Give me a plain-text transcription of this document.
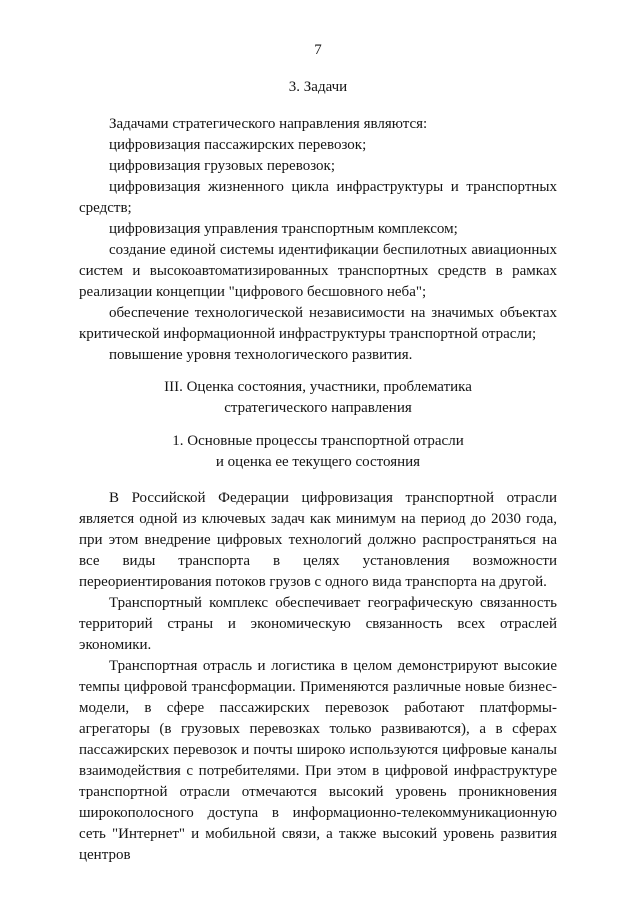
7
3. Задачи

Задачами стратегического направления являются:

цифровизация пассажирских перевозок;

цифровизация грузовых перевозок;

цифровизация жизненного цикла инфраструктуры и транспортных средств;

цифровизация управления транспортным комплексом;

создание единой системы идентификации беспилотных авиационных систем и высокоавтоматизированных транспортных средств в рамках реализации концепции "цифрового бесшовного неба";

обеспечение технологической независимости на значимых объектах критической информационной инфраструктуры транспортной отрасли;

повышение уровня технологического развития.

III. Оценка состояния, участники, проблематика
стратегического направления
1. Основные процессы транспортной отрасли
и оценка ее текущего состояния

В Российской Федерации цифровизация транспортной отрасли является одной из ключевых задач как минимум на период до 2030 года, при этом внедрение цифровых технологий должно распространяться на все виды транспорта в целях установления возможности переориентирования потоков грузов с одного вида транспорта на другой.

Транспортный комплекс обеспечивает географическую связанность территорий страны и экономическую связанность всех отраслей экономики.

Транспортная отрасль и логистика в целом демонстрируют высокие темпы цифровой трансформации. Применяются различные новые бизнес-модели, в сфере пассажирских перевозок работают платформы-агрегаторы (в грузовых перевозках только развиваются), а в сферах пассажирских перевозок и почты широко используются цифровые каналы взаимодействия с потребителями. При этом в цифровой инфраструктуре транспортной отрасли отмечаются высокий уровень проникновения широкополосного доступа в информационно-телекоммуникационную сеть "Интернет" и мобильной связи, а также высокий уровень развития центров
